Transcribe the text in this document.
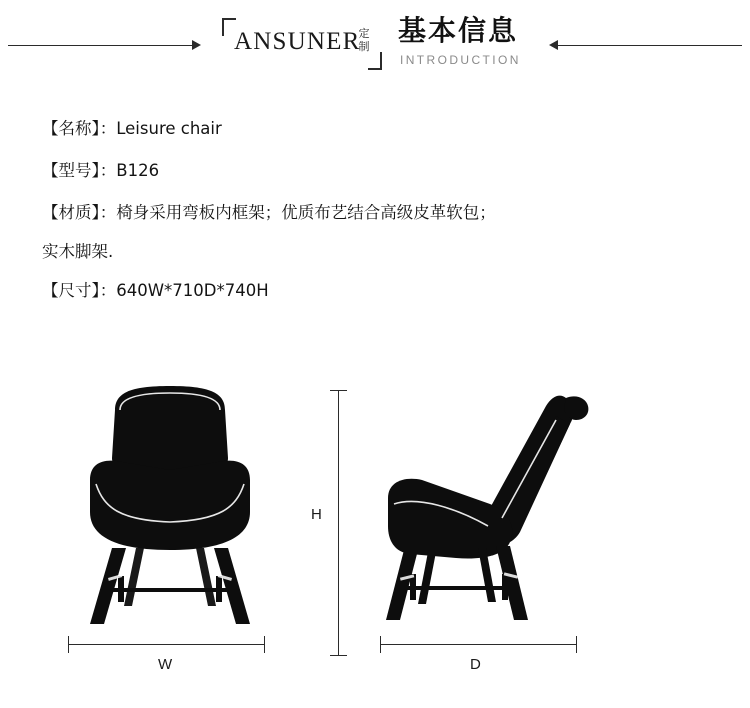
ANSUNER
定制 基本信息
INTRODUCTION
【名称】：Leisure chair
【型号】：B126
【材质】：椅身采用弯板内框架；优质布艺结合高级皮革软包；
实木脚架.
【尺寸】：640W*710D*740H
H
W	D
